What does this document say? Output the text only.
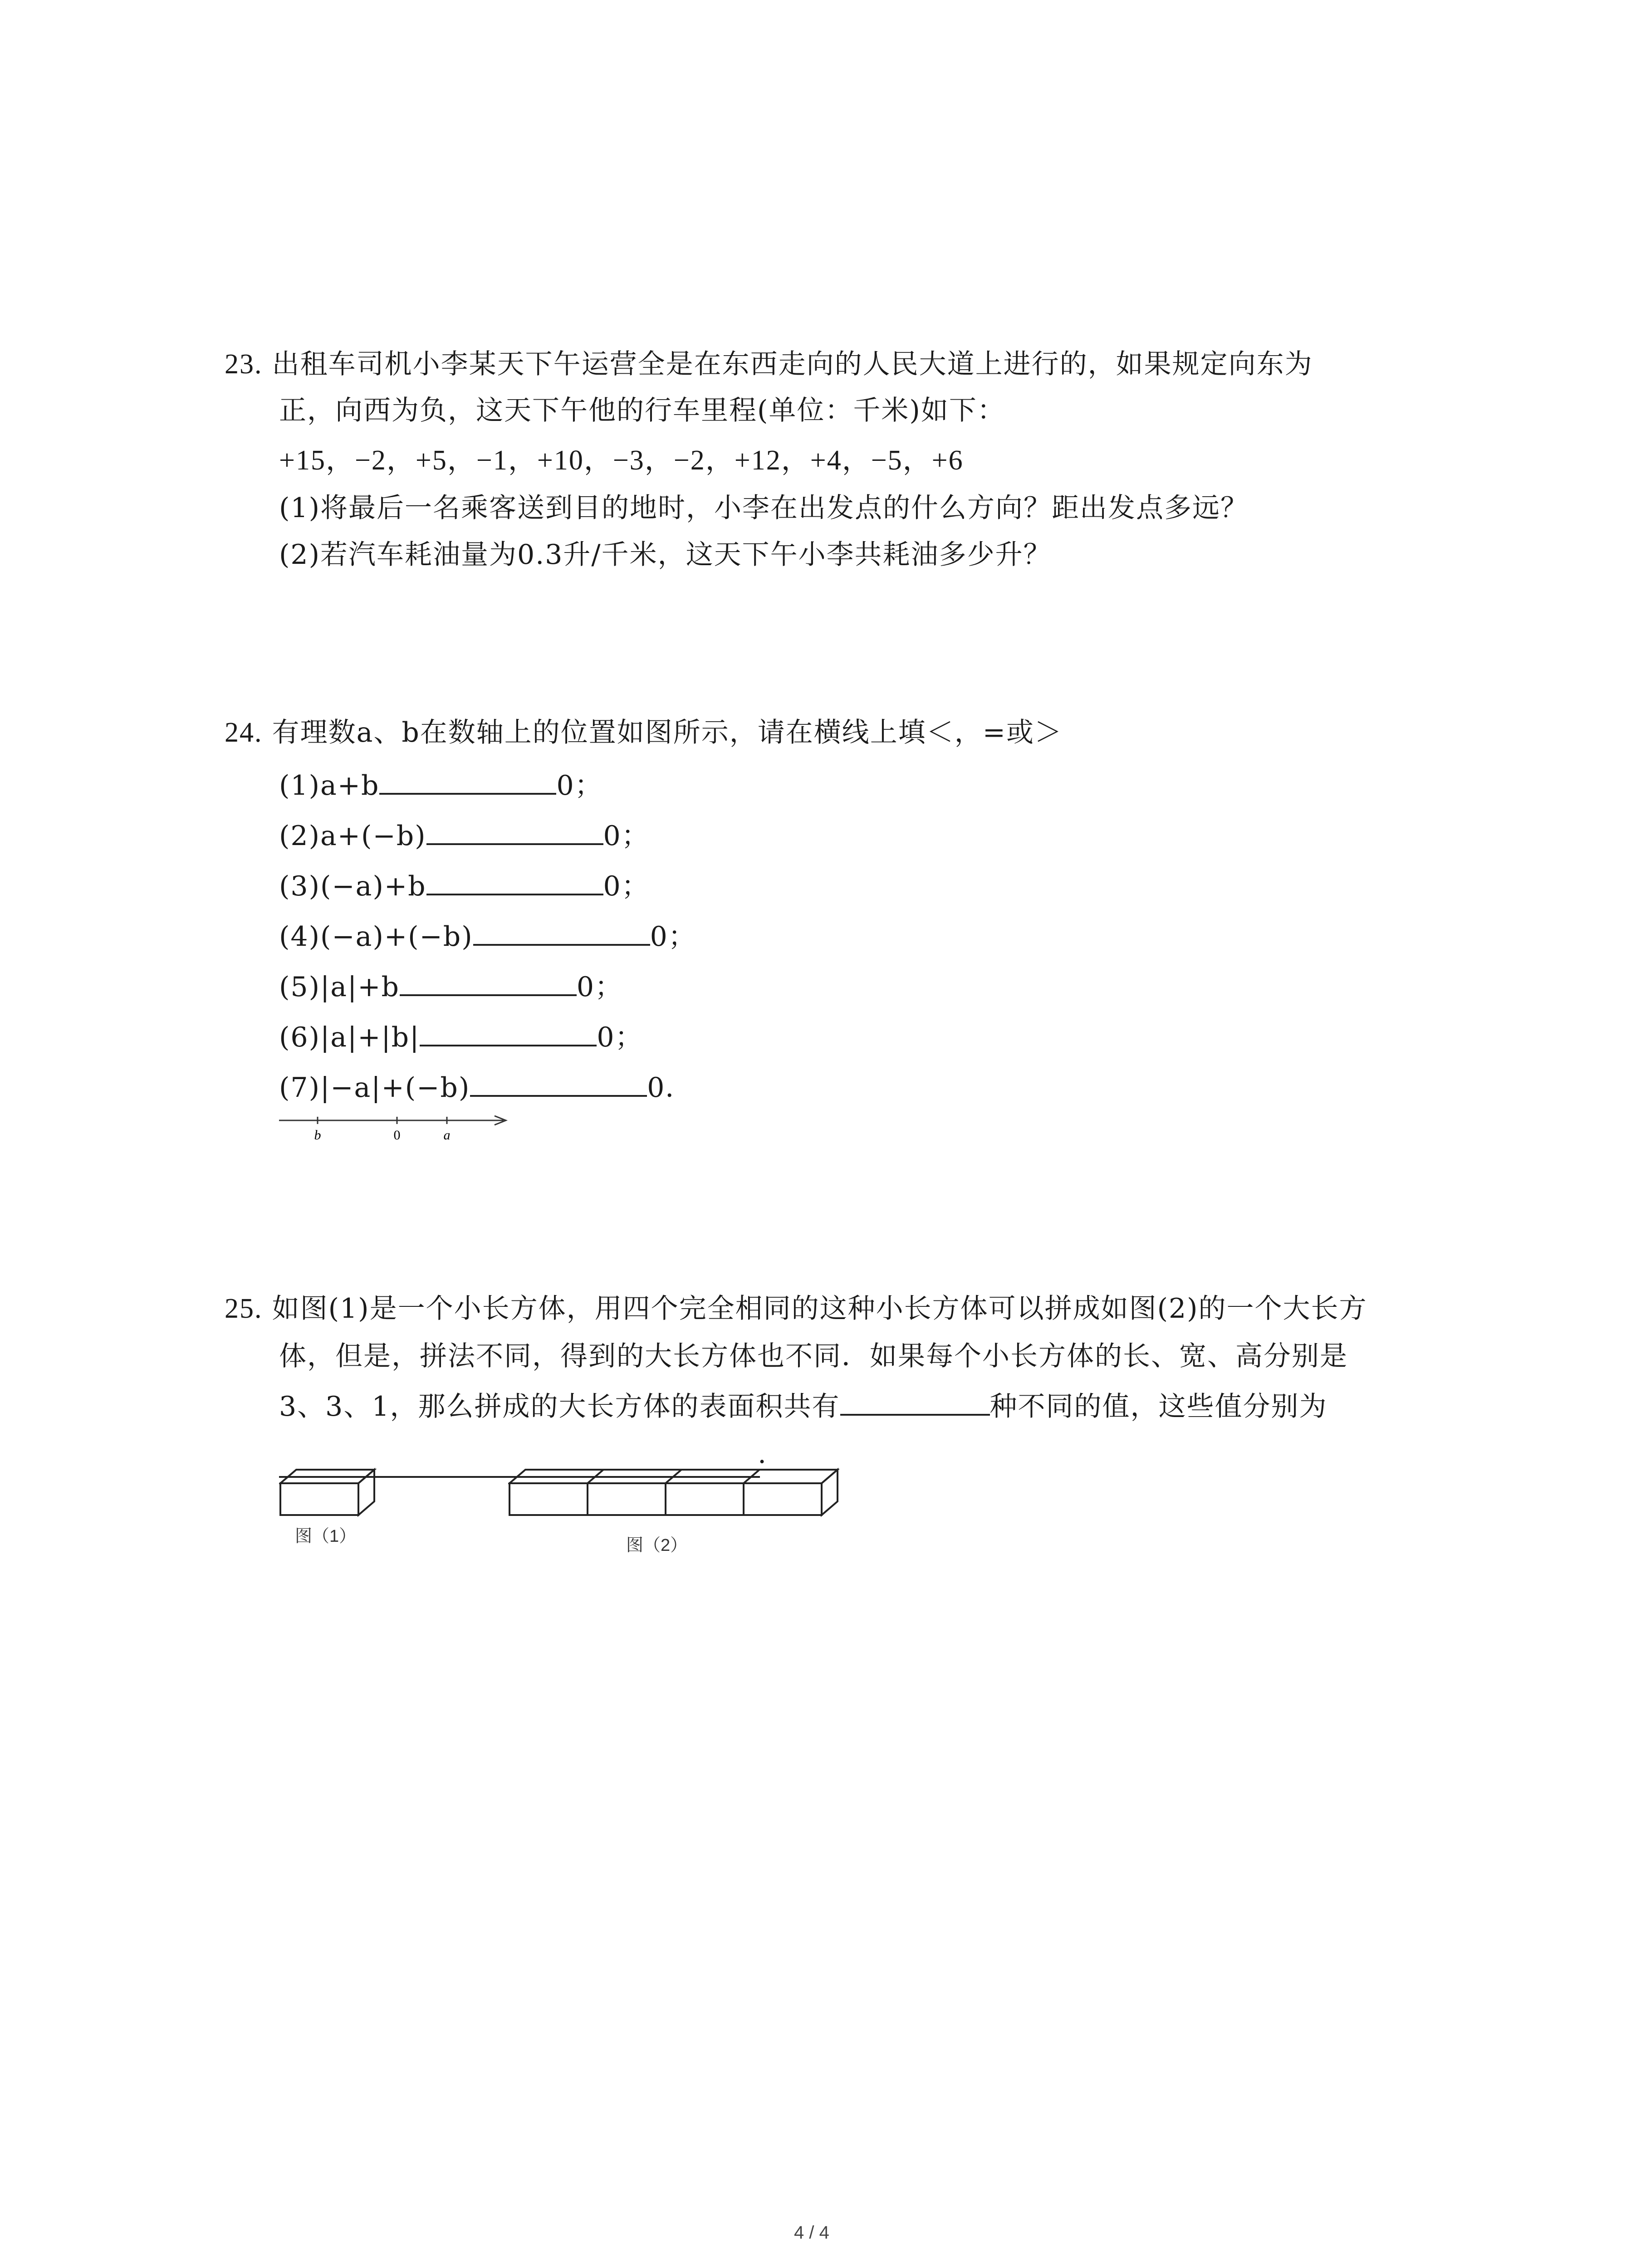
23. 出租车司机小李某天下午运营全是在东西走向的人民大道上进行的，如果规定向东为
正，向西为负，这天下午他的行车里程(单位：千米)如下：
+15，−2，+5，−1，+10，−3，−2，+12，+4，−5，+6
(1)将最后一名乘客送到目的地时，小李在出发点的什么方向？距出发点多远？
(2)若汽车耗油量为0.3升/千米，这天下午小李共耗油多少升？
24. 有理数a、b在数轴上的位置如图所示，请在横线上填＜，=或＞
(1)a+b	0；
(2)a+(−b)	0；
(3)(−a)+b	0；
(4)(−a)+(−b)	0；
(5)|a|+b	0；
(6)|a|+|b|	0；
(7)|−a|+(−b)	0．
b	0	a
25. 如图(1)是一个小长方体，用四个完全相同的这种小长方体可以拼成如图(2)的一个大长方
体，但是，拼法不同，得到的大长方体也不同．如果每个小长方体的长、宽、高分别是
3、3、1，那么拼成的大长方体的表面积共有	种不同的值，这些值分别为
.
图（1）	图（2）
4 / 4
